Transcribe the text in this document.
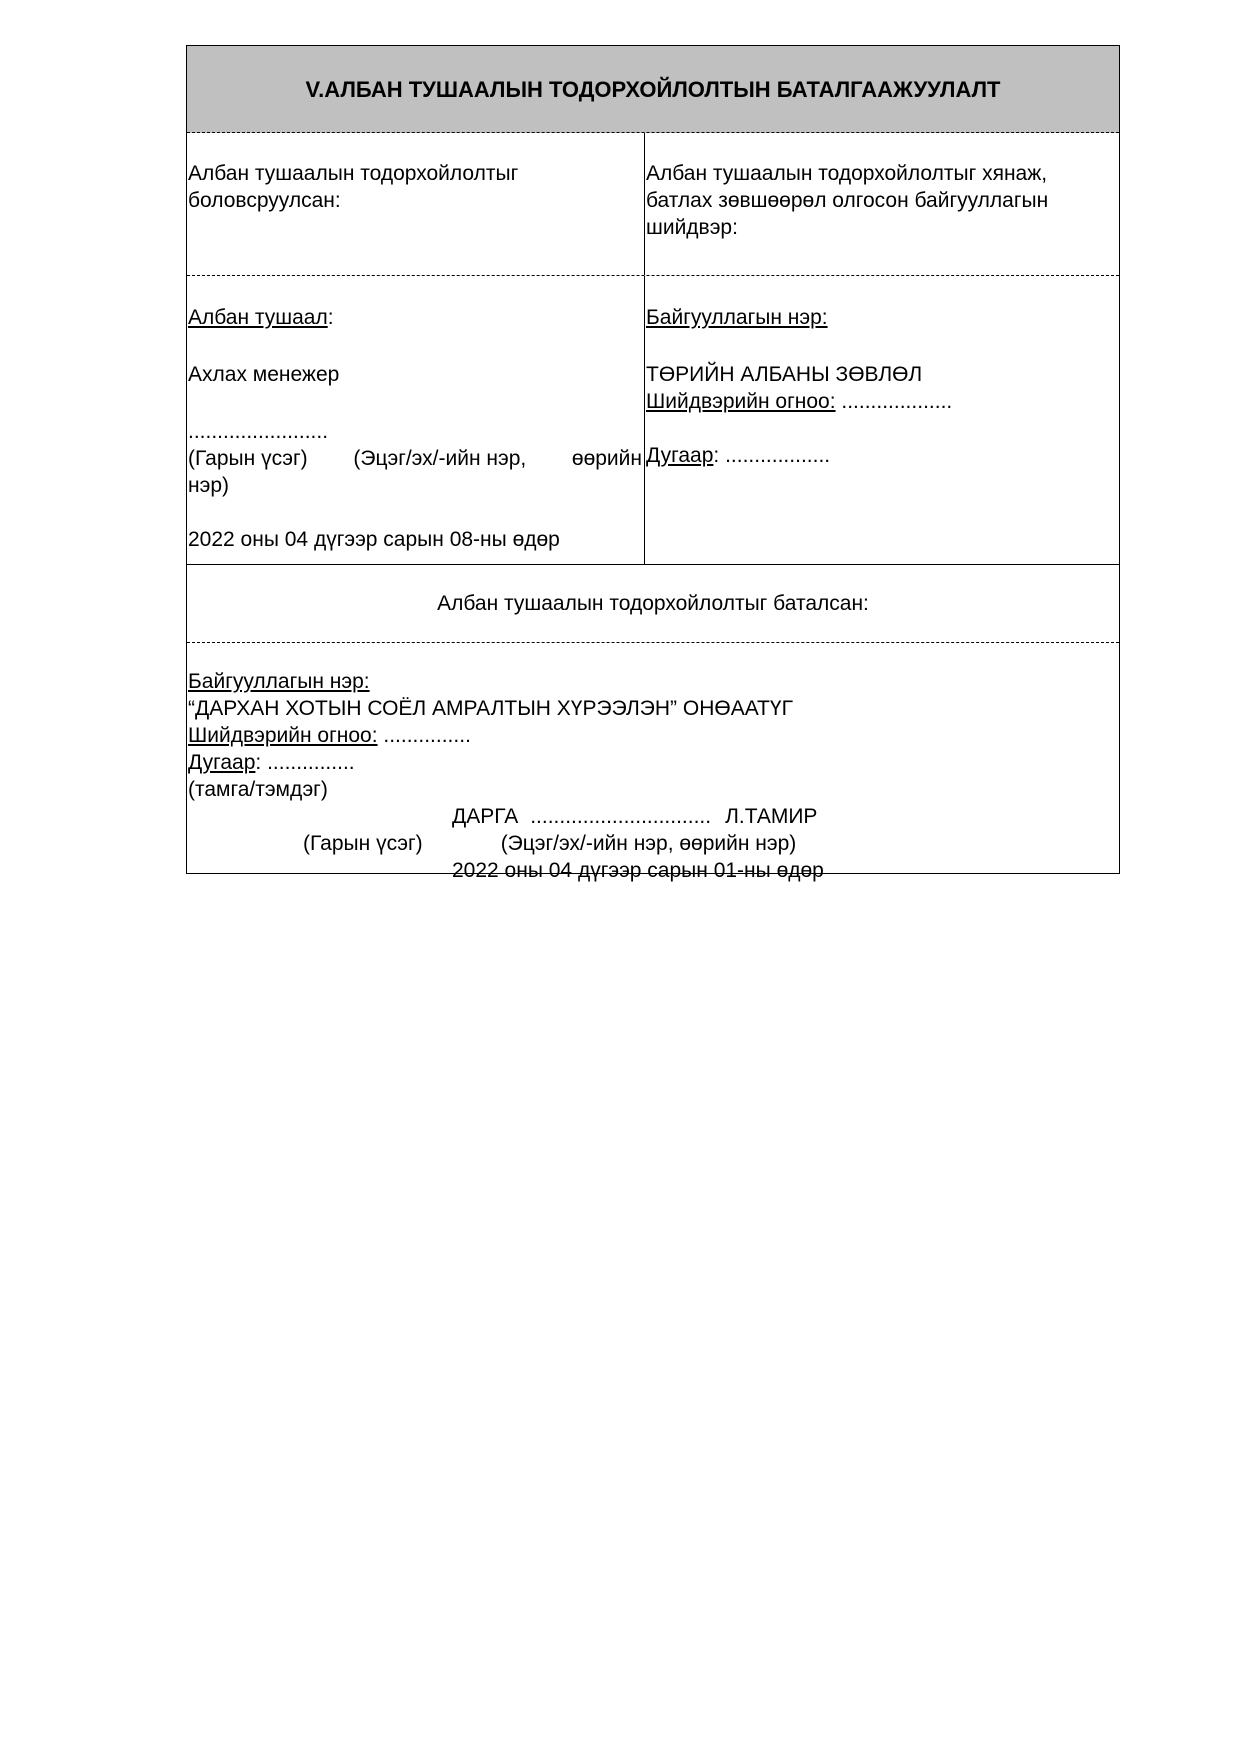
V.АЛБАН ТУШААЛЫН ТОДОРХОЙЛОЛТЫН БАТАЛГААЖУУЛАЛТ
Албан тушаалын тодорхойлолтыг
боловсруулсан:
Албан тушаалын тодорхойлолтыг хянаж,
батлах зөвшөөрөл олгосон байгууллагын
шийдвэр:
Албан тушаал:
Ахлах менежер
........................
(Гарын үсэг) (Эцэг/эх/-ийн нэр, өөрийн
нэр)
2022 оны 04 дүгээр сарын 08-ны өдөр
Байгууллагын нэр:
ТӨРИЙН АЛБАНЫ ЗӨВЛӨЛ
Шийдвэрийн огноо: ...................
Дугаар: ..................
Албан тушаалын тодорхойлолтыг баталсан:
Байгууллагын нэр:
“ДАРХАН ХОТЫН СОЁЛ АМРАЛТЫН ХҮРЭЭЛЭН” ОНӨААТҮГ
Шийдвэрийн огноо: ...............
Дугаар: ...............
(тамга/тэмдэг)
ДАРГА ............................... Л.ТАМИР
(Гарын үсэг)	(Эцэг/эх/-ийн нэр, өөрийн нэр)
2022 оны 04 дүгээр сарын 01-ны өдөр
